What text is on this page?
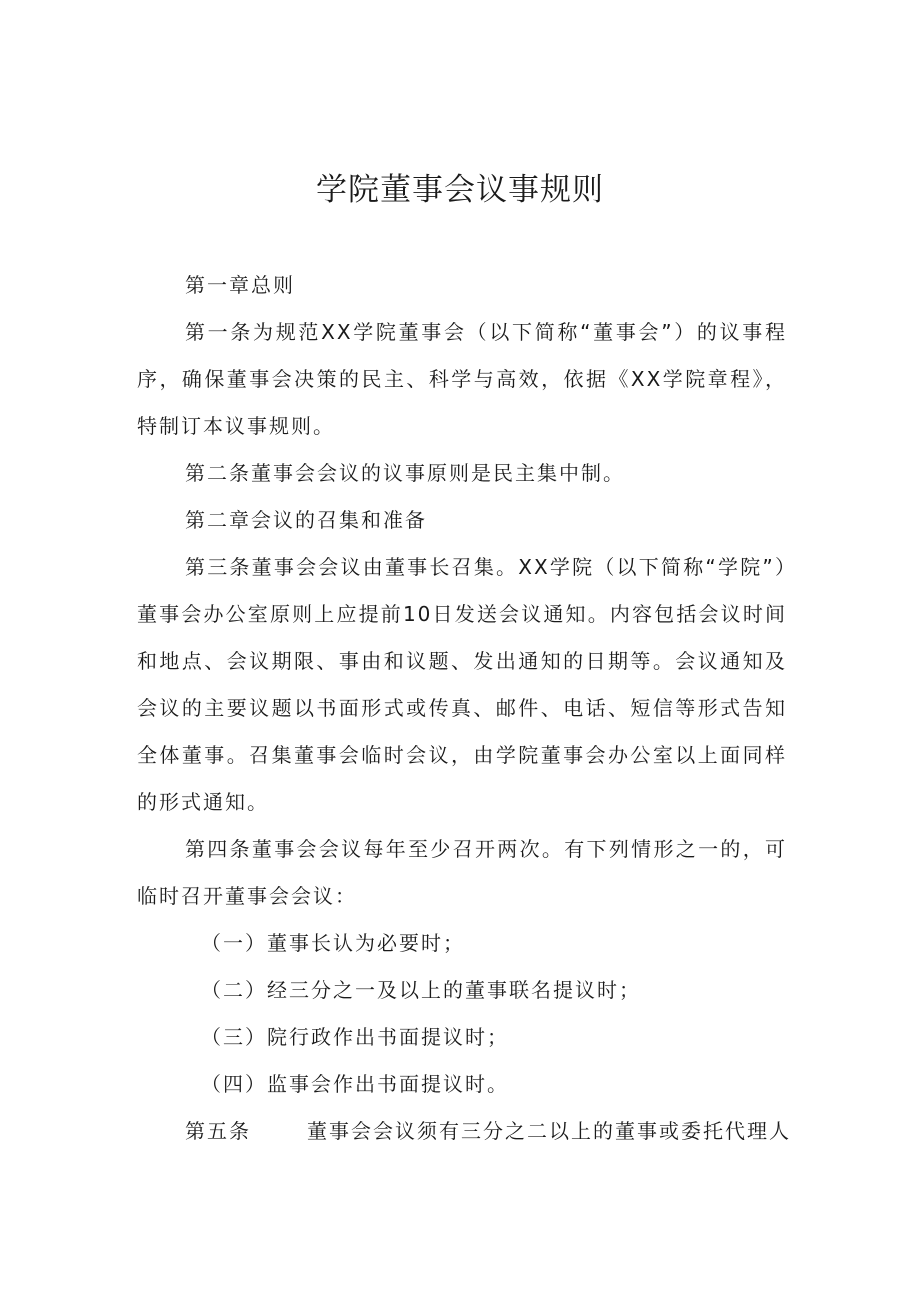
学院董事会议事规则

第一章总则

第一条为规范XX学院董事会（以下简称“董事会”）的议事程序，确保董事会决策的民主、科学与高效，依据《XX学院章程》，特制订本议事规则。

第二条董事会会议的议事原则是民主集中制。

第二章会议的召集和准备

第三条董事会会议由董事长召集。XX学院（以下简称“学院”）董事会办公室原则上应提前10日发送会议通知。内容包括会议时间和地点、会议期限、事由和议题、发出通知的日期等。会议通知及会议的主要议题以书面形式或传真、邮件、电话、短信等形式告知全体董事。召集董事会临时会议，由学院董事会办公室以上面同样的形式通知。

第四条董事会会议每年至少召开两次。有下列情形之一的，可临时召开董事会会议：

（一）董事长认为必要时；

（二）经三分之一及以上的董事联名提议时；

（三）院行政作出书面提议时；

（四）监事会作出书面提议时。

第五条	董事会会议须有三分之二以上的董事或委托代理人
